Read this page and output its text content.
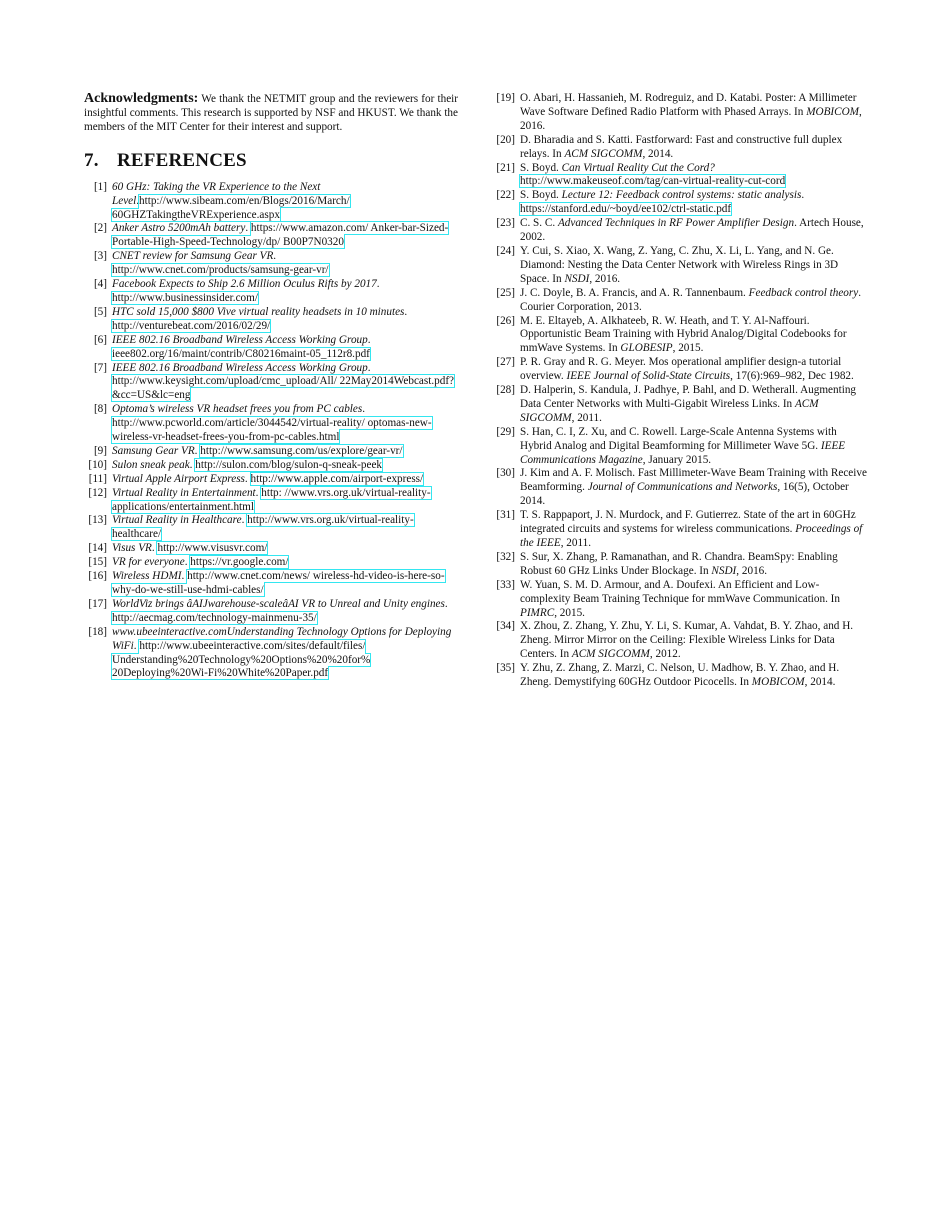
Acknowledgments: We thank the NETMIT group and the reviewers for their insightful comments. This research is supported by NSF and HKUST. We thank the members of the MIT Center for their interest and support.

7. REFERENCES
[1] 60 GHz: Taking the VR Experience to the Next Level.http://www.sibeam.com/en/Blogs/2016/March/ 60GHZTakingtheVRExperience.aspx
[2] Anker Astro 5200mAh battery. https://www.amazon.com/ Anker-bar-Sized-Portable-High-Speed-Technology/dp/ B00P7N0320
[3] CNET review for Samsung Gear VR. http://www.cnet.com/products/samsung-gear-vr/
[4] Facebook Expects to Ship 2.6 Million Oculus Rifts by 2017. http://www.businessinsider.com/
[5] HTC sold 15,000 $800 Vive virtual reality headsets in 10 minutes. http://venturebeat.com/2016/02/29/
[6] IEEE 802.16 Broadband Wireless Access Working Group. ieee802.org/16/maint/contrib/C80216maint-05_112r8.pdf
[7] IEEE 802.16 Broadband Wireless Access Working Group. http://www.keysight.com/upload/cmc_upload/All/ 22May2014Webcast.pdf?&cc=US&lc=eng
[8] Optoma’s wireless VR headset frees you from PC cables. http://www.pcworld.com/article/3044542/virtual-reality/ optomas-new-wireless-vr-headset-frees-you-from-pc-cables.html
[9] Samsung Gear VR. http://www.samsung.com/us/explore/gear-vr/
[10] Sulon sneak peak. http://sulon.com/blog/sulon-q-sneak-peek
[11] Virtual Apple Airport Express. http://www.apple.com/airport-express/
[12] Virtual Reality in Entertainment. http: //www.vrs.org.uk/virtual-reality-applications/entertainment.html
[13] Virtual Reality in Healthcare. http://www.vrs.org.uk/virtual-reality-healthcare/
[14] Visus VR. http://www.visusvr.com/
[15] VR for everyone. https://vr.google.com/
[16] Wireless HDMI. http://www.cnet.com/news/ wireless-hd-video-is-here-so-why-do-we-still-use-hdmi-cables/
[17] WorldViz brings âAIJwarehouse-scaleâAI VR to Unreal and Unity engines. http://aecmag.com/technology-mainmenu-35/
[18] www.ubeeinteractive.comUnderstanding Technology Options for Deploying WiFi. http://www.ubeeinteractive.com/sites/default/files/ Understanding%20Technology%20Options%20%20for% 20Deploying%20Wi-Fi%20White%20Paper.pdf
[19] O. Abari, H. Hassanieh, M. Rodreguiz, and D. Katabi. Poster: A Millimeter Wave Software Defined Radio Platform with Phased Arrays. In MOBICOM, 2016.
[20] D. Bharadia and S. Katti. Fastforward: Fast and constructive full duplex relays. In ACM SIGCOMM, 2014.
[21] S. Boyd. Can Virtual Reality Cut the Cord? http://www.makeuseof.com/tag/can-virtual-reality-cut-cord
[22] S. Boyd. Lecture 12: Feedback control systems: static analysis. https://stanford.edu/~boyd/ee102/ctrl-static.pdf
[23] C. S. C. Advanced Techniques in RF Power Amplifier Design. Artech House, 2002.
[24] Y. Cui, S. Xiao, X. Wang, Z. Yang, C. Zhu, X. Li, L. Yang, and N. Ge. Diamond: Nesting the Data Center Network with Wireless Rings in 3D Space. In NSDI, 2016.
[25] J. C. Doyle, B. A. Francis, and A. R. Tannenbaum. Feedback control theory. Courier Corporation, 2013.
[26] M. E. Eltayeb, A. Alkhateeb, R. W. Heath, and T. Y. Al-Naffouri. Opportunistic Beam Training with Hybrid Analog/Digital Codebooks for mmWave Systems. In GLOBESIP, 2015.
[27] P. R. Gray and R. G. Meyer. Mos operational amplifier design-a tutorial overview. IEEE Journal of Solid-State Circuits, 17(6):969–982, Dec 1982.
[28] D. Halperin, S. Kandula, J. Padhye, P. Bahl, and D. Wetherall. Augmenting Data Center Networks with Multi-Gigabit Wireless Links. In ACM SIGCOMM, 2011.
[29] S. Han, C. I, Z. Xu, and C. Rowell. Large-Scale Antenna Systems with Hybrid Analog and Digital Beamforming for Millimeter Wave 5G. IEEE Communications Magazine, January 2015.
[30] J. Kim and A. F. Molisch. Fast Millimeter-Wave Beam Training with Receive Beamforming. Journal of Communications and Networks, 16(5), October 2014.
[31] T. S. Rappaport, J. N. Murdock, and F. Gutierrez. State of the art in 60GHz integrated circuits and systems for wireless communications. Proceedings of the IEEE, 2011.
[32] S. Sur, X. Zhang, P. Ramanathan, and R. Chandra. BeamSpy: Enabling Robust 60 GHz Links Under Blockage. In NSDI, 2016.
[33] W. Yuan, S. M. D. Armour, and A. Doufexi. An Efficient and Low-complexity Beam Training Technique for mmWave Communication. In PIMRC, 2015.
[34] X. Zhou, Z. Zhang, Y. Zhu, Y. Li, S. Kumar, A. Vahdat, B. Y. Zhao, and H. Zheng. Mirror Mirror on the Ceiling: Flexible Wireless Links for Data Centers. In ACM SIGCOMM, 2012.
[35] Y. Zhu, Z. Zhang, Z. Marzi, C. Nelson, U. Madhow, B. Y. Zhao, and H. Zheng. Demystifying 60GHz Outdoor Picocells. In MOBICOM, 2014.
